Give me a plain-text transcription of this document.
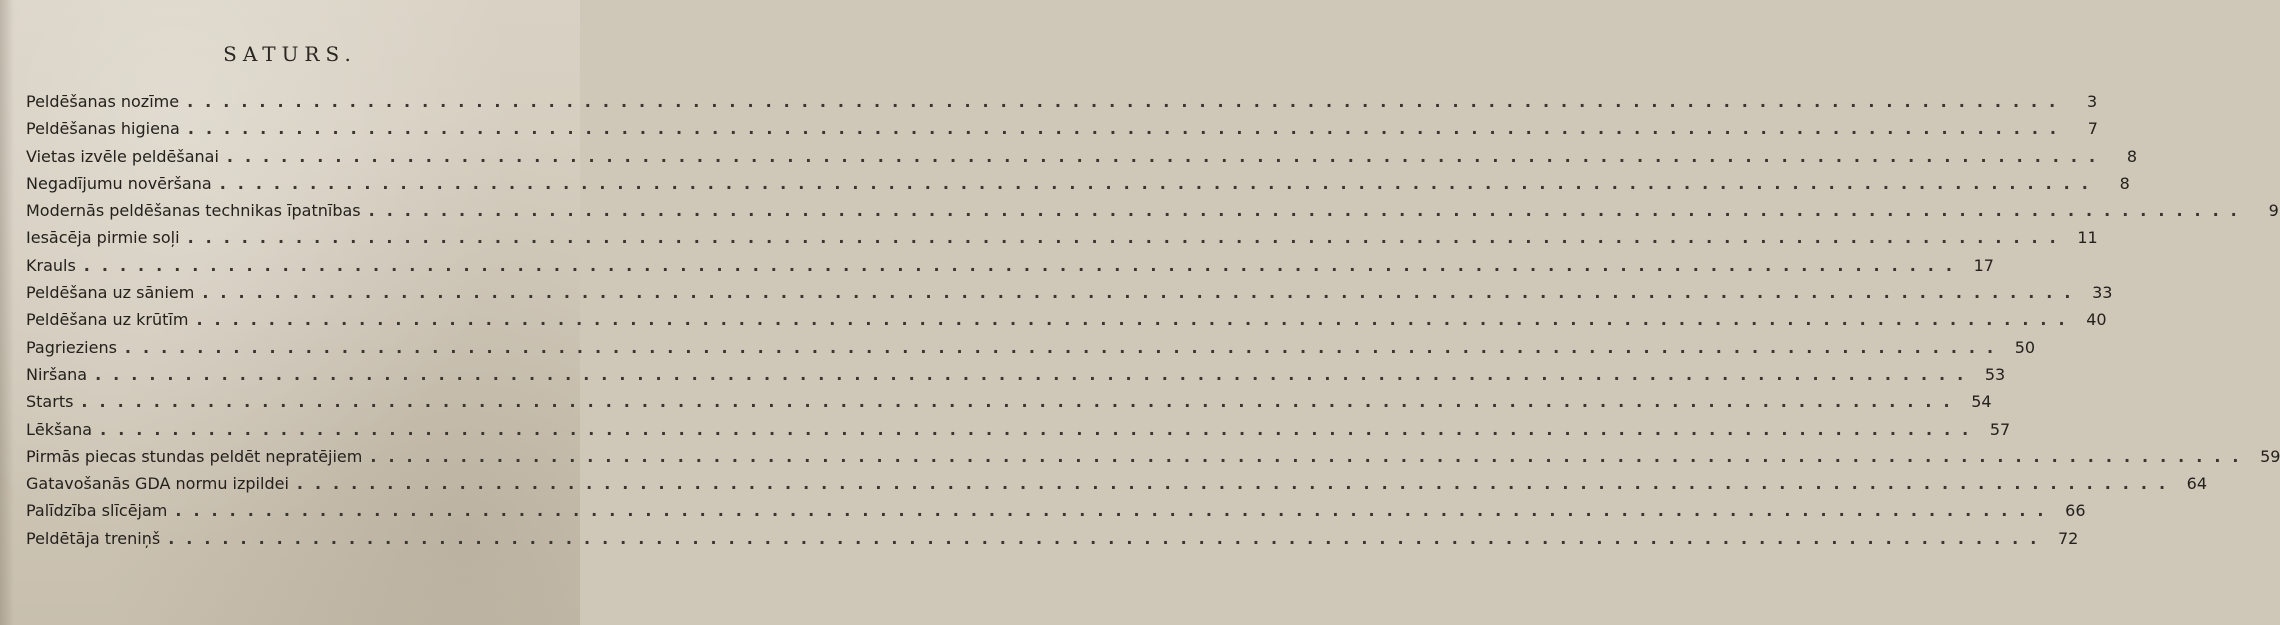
SATURS.
Peldēšanas nozīme ........................................................................................................	3
Peldēšanas higiena ........................................................................................................	7
Vietas izvēle peldēšanai ........................................................................................................	8
Negadījumu novēršana ........................................................................................................	8
Modernās peldēšanas technikas īpatnības ........................................................................................................	9
Iesācēja pirmie soļi ........................................................................................................ 11
Krauls ........................................................................................................ 17
Peldēšana uz sāniem ........................................................................................................ 33
Peldēšana uz krūtīm ........................................................................................................ 40
Pagrieziens ........................................................................................................ 50
Niršana ........................................................................................................ 53
Starts ........................................................................................................ 54
Lēkšana ........................................................................................................ 57
Pirmās piecas stundas peldēt nepratējiem ........................................................................................................ 59
Gatavošanās GDA normu izpildei ........................................................................................................ 64
Palīdzība slīcējam ........................................................................................................ 66
Peldētāja treniņš ........................................................................................................ 72
